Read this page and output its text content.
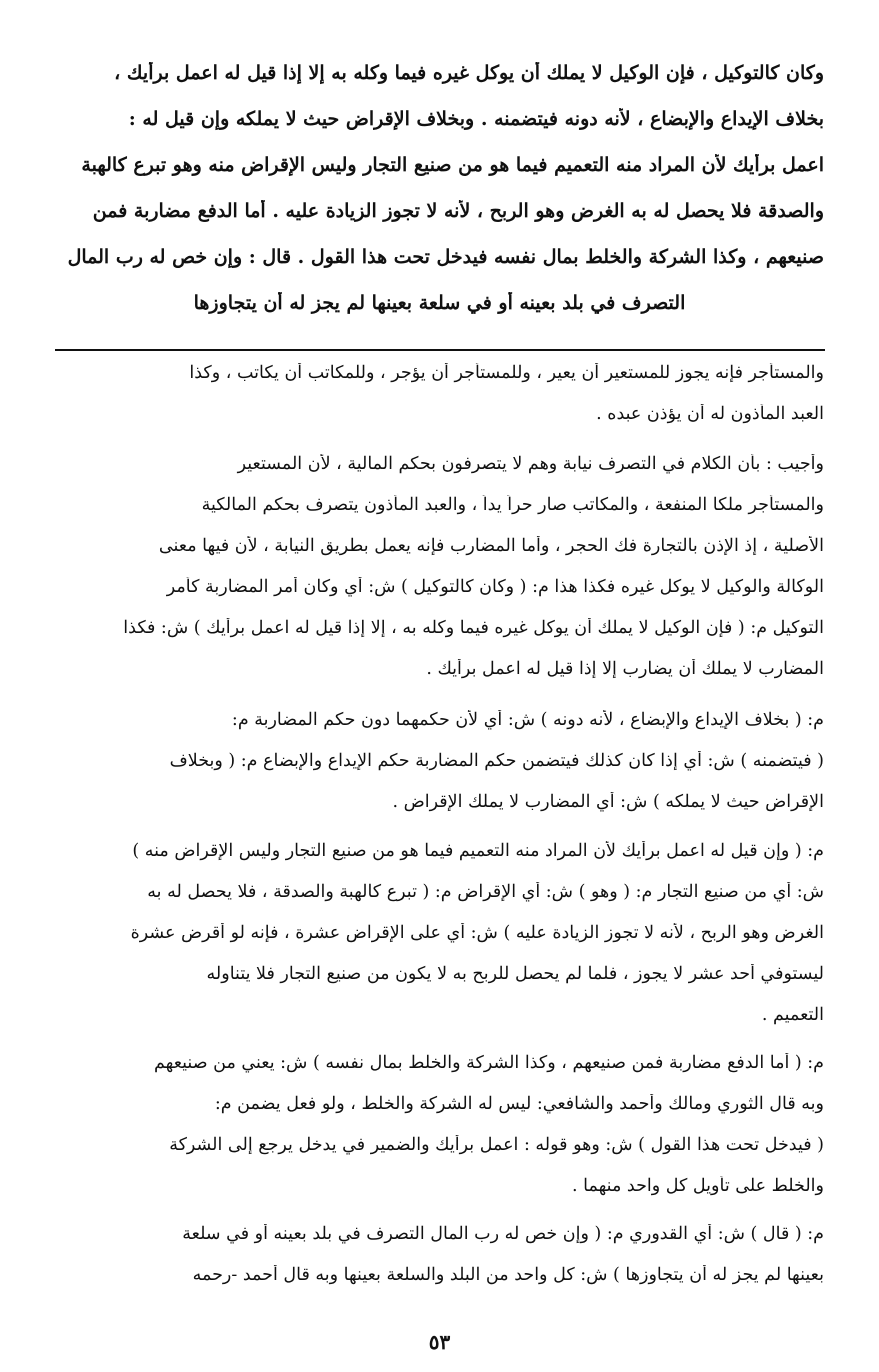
وكان كالتوكيل ، فإن الوكيل لا يملك أن يوكل غيره فيما وكله به إلا إذا قيل له اعمل برأيك ،
بخلاف الإيداع والإبضاع ، لأنه دونه فيتضمنه . وبخلاف الإقراض حيث لا يملكه وإن قيل له :
اعمل برأيك لأن المراد منه التعميم فيما هو من صنيع التجار وليس الإقراض منه وهو تبرع كالهبة
والصدقة فلا يحصل له به الغرض وهو الربح ، لأنه لا تجوز الزيادة عليه . أما الدفع مضاربة فمن
صنيعهم ، وكذا الشركة والخلط بمال نفسه فيدخل تحت هذا القول . قال : وإن خص له رب المال
التصرف في بلد بعينه أو في سلعة بعينها لم يجز له أن يتجاوزها
والمستأجر فإنه يجوز للمستعير أن يعير ، وللمستأجر أن يؤجر ، وللمكاتب أن يكاتب ، وكذا
العبد المأذون له أن يؤذن عبده .
وأجيب : بأن الكلام في التصرف نيابة وهم لا يتصرفون بحكم المالية ، لأن المستعير
والمستأجر ملكا المنفعة ، والمكاتب صار حراً يداً ، والعبد المأذون يتصرف بحكم المالكية
الأصلية ، إذ الإذن بالتجارة فك الحجر ، وأما المضارب فإنه يعمل بطريق النيابة ، لأن فيها معنى
الوكالة والوكيل لا يوكل غيره فكذا هذا م: ( وكان كالتوكيل ) ش: أي وكان أمر المضاربة كأمر
التوكيل م: ( فإن الوكيل لا يملك أن يوكل غيره فيما وكله به ، إلا إذا قيل له اعمل برأيك ) ش: فكذا
المضارب لا يملك أن يضارب إلا إذا قيل له اعمل برأيك .
م: ( بخلاف الإيداع والإبضاع ، لأنه دونه ) ش: أي لأن حكمهما دون حكم المضاربة م:
( فيتضمنه ) ش: أي إذا كان كذلك فيتضمن حكم المضاربة حكم الإيداع والإبضاع م: ( وبخلاف
الإقراض حيث لا يملكه ) ش: أي المضارب لا يملك الإقراض .
م: ( وإن قيل له اعمل برأيك لأن المراد منه التعميم فيما هو من صنيع التجار وليس الإقراض منه )
ش: أي من صنيع التجار م: ( وهو ) ش: أي الإقراض م: ( تبرع كالهبة والصدقة ، فلا يحصل له به
الغرض وهو الربح ، لأنه لا تجوز الزيادة عليه ) ش: أي على الإقراض عشرة ، فإنه لو أقرض عشرة
ليستوفي أحد عشر لا يجوز ، فلما لم يحصل للربح به لا يكون من صنيع التجار فلا يتناوله
التعميم .
م: ( أما الدفع مضاربة فمن صنيعهم ، وكذا الشركة والخلط بمال نفسه ) ش: يعني من صنيعهم
وبه قال الثوري ومالك وأحمد والشافعي: ليس له الشركة والخلط ، ولو فعل يضمن م:
( فيدخل تحت هذا القول ) ش: وهو قوله : اعمل برأيك والضمير في يدخل يرجع إلى الشركة
والخلط على تأويل كل واحد منهما .
م: ( قال ) ش: أي القدوري م: ( وإن خص له رب المال التصرف في بلد بعينه أو في سلعة
بعينها لم يجز له أن يتجاوزها ) ش: كل واحد من البلد والسلعة بعينها وبه قال أحمد -رحمه
٥٣
